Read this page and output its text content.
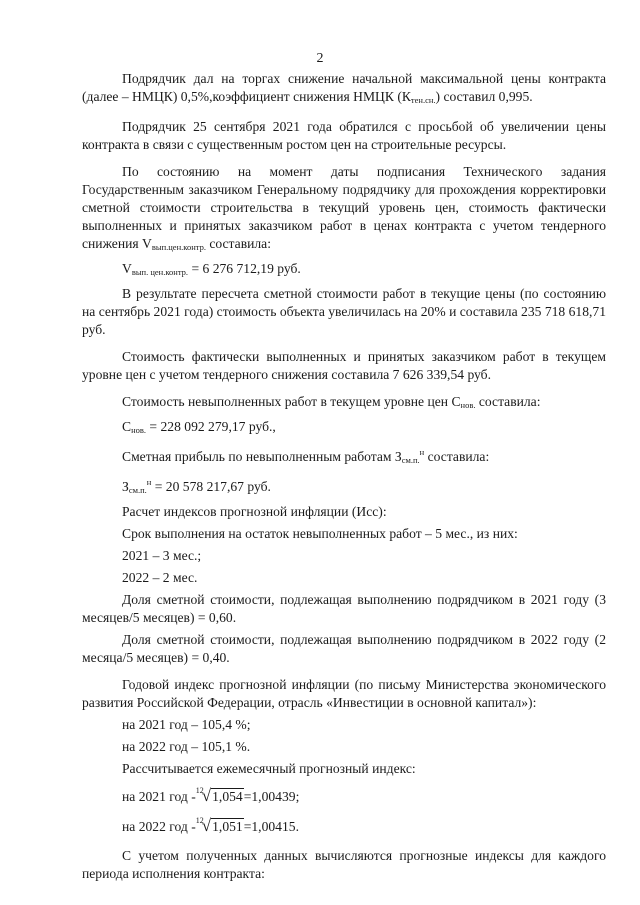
2

Подрядчик дал на торгах снижение начальной максимальной цены контракта (далее – НМЦК) 0,5%,коэффициент снижения НМЦК $(К_{тен.сн.})$ составил 0,995.

Подрядчик 25 сентября 2021 года обратился с просьбой об увеличении цены контракта в связи с существенным ростом цен на строительные ресурсы.

По состоянию на момент даты подписания Технического задания Государственным заказчиком Генеральному подрядчику для прохождения корректировки сметной стоимости строительства в текущий уровень цен, стоимость фактически выполненных и принятых заказчиком работ в ценах контракта с учетом тендерного снижения $V_{вып.цен.контр.}$ составила:

$V_{вып. цен.контр.} = 6$ 276 712,19 руб.

В результате пересчета сметной стоимости работ в текущие цены (по состоянию на сентябрь 2021 года) стоимость объекта увеличилась на 20% и составила 235 718 618,71 руб.

Стоимость фактически выполненных и принятых заказчиком работ в текущем уровне цен с учетом тендерного снижения составила 7 626 339,54 руб.

Стоимость невыполненных работ в текущем уровне цен $С_{нов.}$ составила:

$С_{нов.} = 228$ 092 279,17 руб.,

Сметная прибыль по невыполненным работам $З_{см.п.}^н$ составила:

$З_{см.п.}^н = 20$ 578 217,67 руб.

Расчет индексов прогнозной инфляции (Исс):

Срок выполнения на остаток невыполненных работ – 5 мес., из них:

2021 – 3 мес.;

2022 – 2 мес.

Доля сметной стоимости, подлежащая выполнению подрядчиком в 2021 году (3 месяцев/5 месяцев) = 0,60.

Доля сметной стоимости, подлежащая выполнению подрядчиком в 2022 году (2 месяца/5 месяцев) = 0,40.

Годовой индекс прогнозной инфляции (по письму Министерства экономического развития Российской Федерации, отрасль «Инвестиции в основной капитал»):

на 2021 год – 105,4 %;

на 2022 год – 105,1 %.

Рассчитывается ежемесячный прогнозный индекс:

на 2021 год -$^{12}$√1,054=1,00439;

на 2022 год -$^{12}$√1,051=1,00415.

С учетом полученных данных вычисляются прогнозные индексы для каждого периода исполнения контракта:
